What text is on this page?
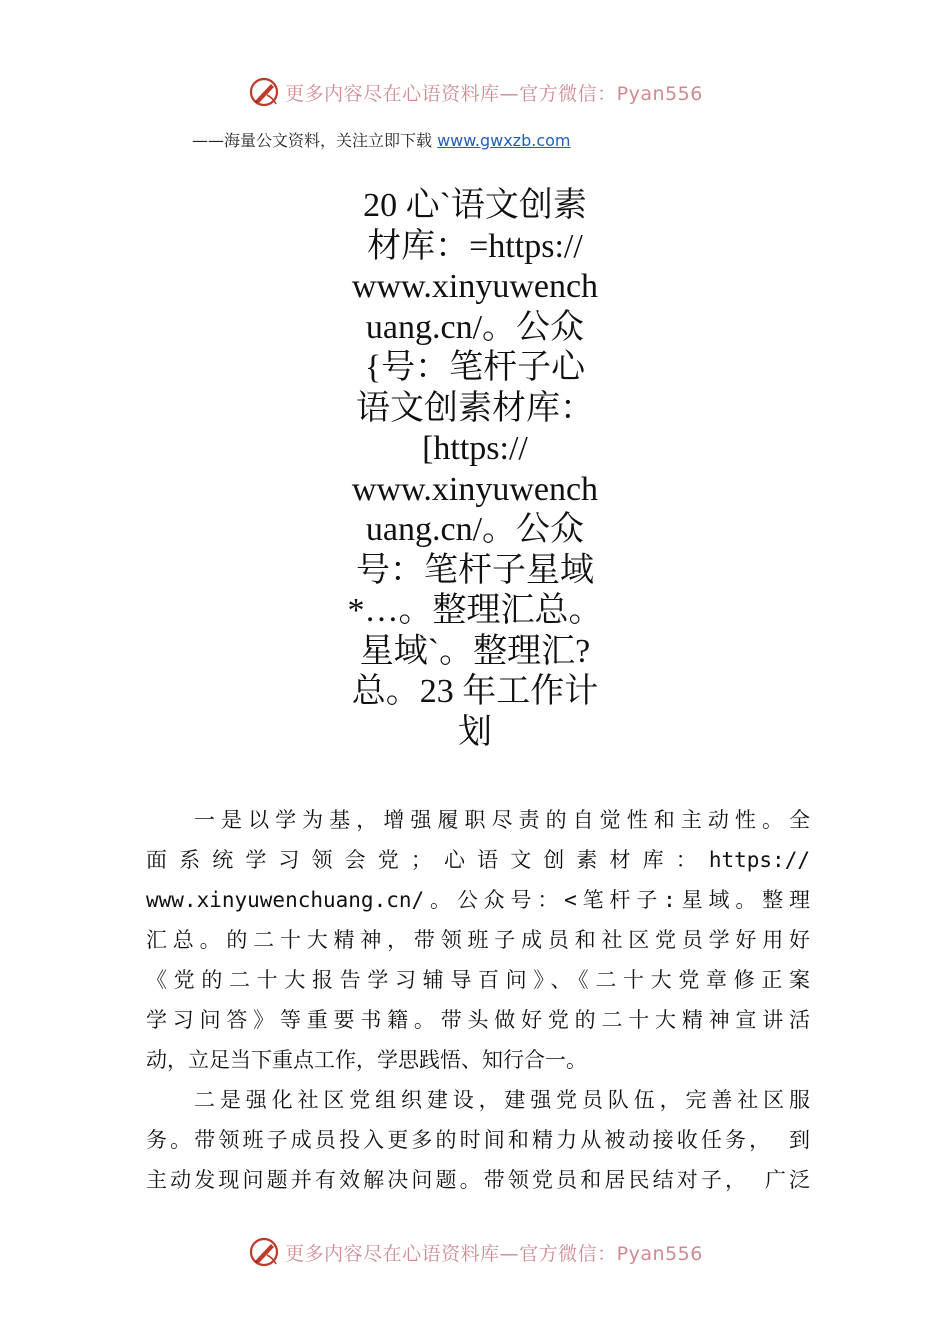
更多内容尽在心语资料库—官方微信：Pyan556
——海量公文资料，关注立即下载 www.gwxzb.com
20 心`语文创素
材库：=https://
www.xinyuwench
uang.cn/。公众
{号：笔杆子心
语文创素材库：
[https://
www.xinyuwench
uang.cn/。公众
号：笔杆子星域
*…。整理汇总。
星域`。整理汇?
总。23 年工作计
划
一是以学为基，增强履职尽责的自觉性和主动性。全
面系统学习领会党；心语文创素材库：https://
www.xinyuwenchuang.cn/。公众号：<笔杆子:星域。整理
汇总。的二十大精神，带领班子成员和社区党员学好用好
《党的二十大报告学习辅导百问》、《二十大党章修正案
学习问答》等重要书籍。带头做好党的二十大精神宣讲活
动，立足当下重点工作，学思践悟、知行合一。
二是强化社区党组织建设，建强党员队伍，完善社区服
务。带领班子成员投入更多的时间和精力从被动接收任务， 到
主动发现问题并有效解决问题。带领党员和居民结对子， 广泛
更多内容尽在心语资料库—官方微信：Pyan556
